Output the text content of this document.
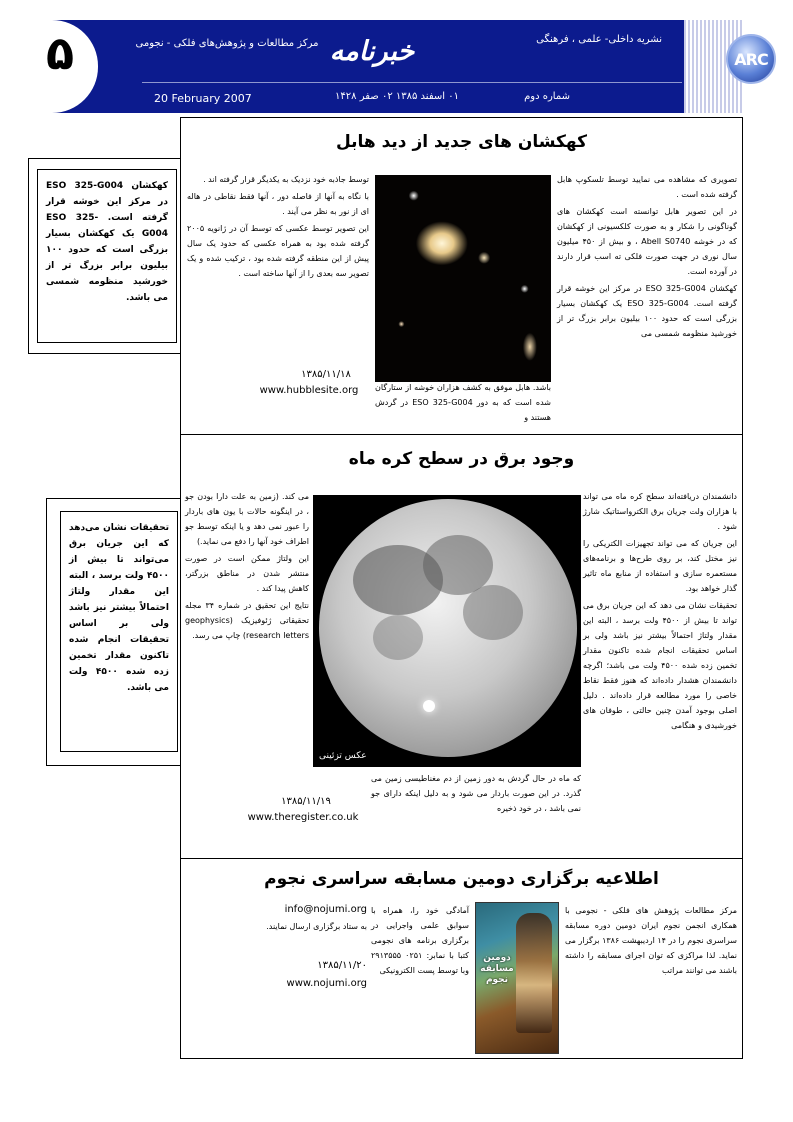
۵	مرکز مطالعات و پژوهش‌های فلکی - نجومی خبرنامه	نشریه داخلی- علمی ، فرهنگی
20 February 2007	۰۱ اسفند ۱۳۸۵ ۰۲ صفر ۱۴۲۸	شماره دوم
ARC
کهکشان ESO 325-G004 در مرکز این خوشه قرار گرفته است. ESO 325-G004 یک کهکشان بسیار بزرگی است که حدود ۱۰۰ بیلیون برابر بزرگ تر از خورشید منظومه شمسی می باشد.
تحقیقات نشان می‌دهد که این جریان برق می‌تواند تا بیش از ۴۵۰۰ ولت برسد ، البته این مقدار ولتاژ احتمالاً بیشتر نیز باشد ولی بر اساس تحقیقات انجام شده تاکنون مقدار تخمین زده شده ۴۵۰۰ ولت می باشد.
کهکشان های جدید از دید هابل

تصویری که مشاهده می نمایید توسط تلسکوپ هابل گرفته شده است .

در این تصویر هابل توانسته است کهکشان های گوناگونی را شکار و به صورت کلکسیونی از کهکشان که در خوشه Abell S0740 ، و بیش از ۴۵۰ میلیون سال نوری در جهت صورت فلکی ته اسب قرار دارند در آورده است.

کهکشان ESO 325-G004 در مرکز این خوشه قرار گرفته است. ESO 325-G004 یک کهکشان بسیار بزرگی است که حدود ۱۰۰ بیلیون برابر بزرگ تر از خورشید منظومه شمسی می

توسط جاذبه خود نزدیک به یکدیگر قرار گرفته اند .

با نگاه به آنها از فاصله دور ، آنها فقط نقاطی در هاله ای از نور به نظر می آیند .

این تصویر توسط عکسی که توسط آن در ژانویه ۲۰۰۵ گرفته شده بود به همراه عکسی که حدود یک سال پیش از این منطقه گرفته شده بود ، ترکیب شده و یک تصویر سه بعدی را از آنها ساخته است .

باشد. هابل موفق به کشف هزاران خوشه از ستارگان شده است که به دور ESO 325-G004 در گردش هستند و
۱۳۸۵/۱۱/۱۸
www.hubblesite.org
وجود برق در سطح کره ماه

دانشمندان دریافته‌اند سطح کره ماه می تواند با هزاران ولت جریان برق الکترواستاتیک شارژ شود .

این جریان که می تواند تجهیزات الکتریکی را نیز مختل کند، بر روی طرح‌ها و برنامه‌های مستعمره سازی و استفاده از منابع ماه تاثیر گذار خواهد بود.

تحقیقات نشان می دهد که این جریان برق می تواند تا بیش از ۴۵۰۰ ولت برسد ، البته این مقدار ولتاژ احتمالاً بیشتر نیز باشد ولی بر اساس تحقیقات انجام شده تاکنون مقدار تخمین زده شده ۴۵۰۰ ولت می باشد؛ اگرچه دانشمندان هشدار داده‌اند که هنوز فقط نقاط خاصی را مورد مطالعه قرار داده‌اند . دلیل اصلی بوجود آمدن چنین حالتی ، طوفان های خورشیدی و هنگامی

عکس تزئینی

می کند. (زمین به علت دارا بودن جو ، در اینگونه حالات با یون های باردار را عبور نمی دهد و یا اینکه توسط جو اطراف خود آنها را دفع می نماید.)

این ولتاژ ممکن است در صورت منتشر شدن در مناطق بزرگتر، کاهش پیدا کند .

نتایج این تحقیق در شماره ۳۴ مجله تحقیقاتی ژئوفیزیک (geophysics research letters) چاپ می رسد.

که ماه در حال گردش به دور زمین از دم مغناطیسی زمین می گذرد. در این صورت باردار می شود و به دلیل اینکه دارای جو نمی باشد ، در خود ذخیره
۱۳۸۵/۱۱/۱۹
www.theregister.co.uk
اطلاعیه برگزاری دومین مسابقه سراسری نجوم
مرکز مطالعات پژوهش های فلکی - نجومی با همکاری انجمن نجوم ایران دومین دوره مسابقه سراسری نجوم را در ۱۴ اردیبهشت ۱۳۸۶ برگزار می نماید. لذا مراکزی که توان اجرای مسابقه را داشته باشند می توانند مراتب
دومین مسابقه نجوم
آمادگی خود را، همراه با سوابق علمی واجرایی در برگزاری برنامه های نجومی کتبا با نمابر: ۰۲۵۱ ۲۹۱۳۵۵۵ وبا توسط پست الکترونیکی
info@nojumi.org
به ستاد برگزاری ارسال نمایند.
۱۳۸۵/۱۱/۲۰
www.nojumi.org
